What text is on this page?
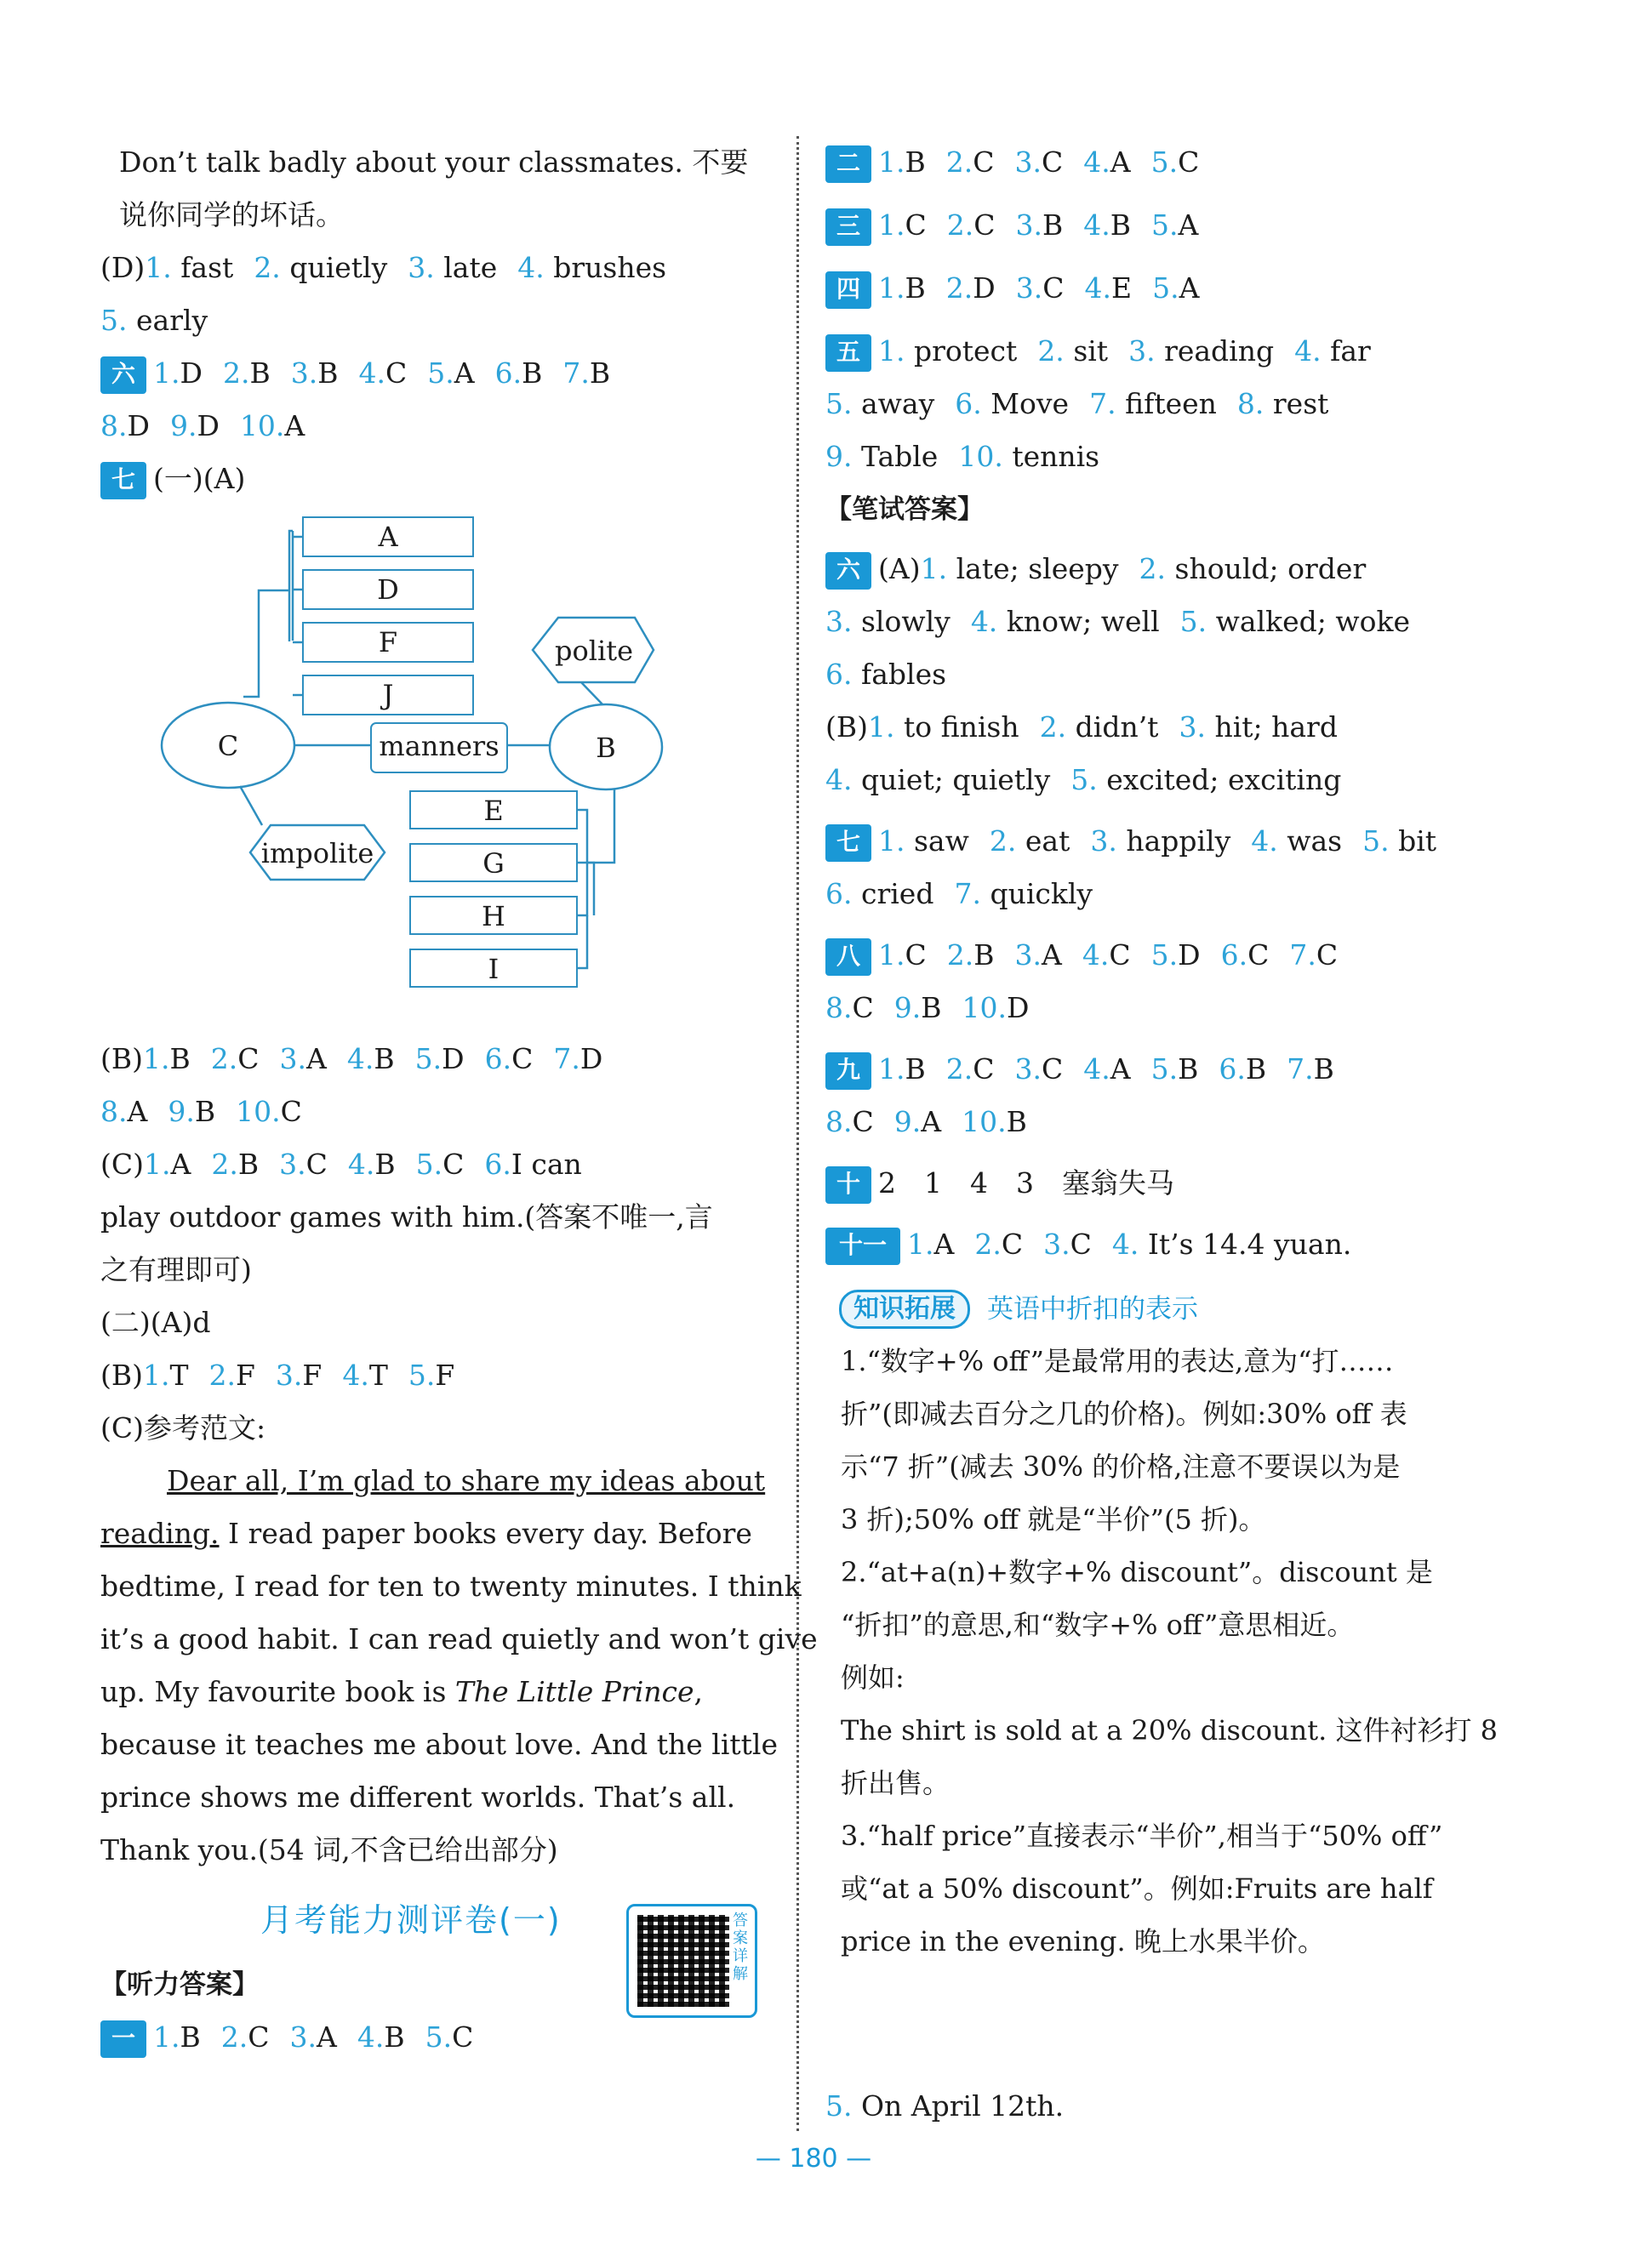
Don’t talk badly about your classmates. 不要
说你同学的坏话。
(D)1. fast 2. quietly 3. late 4. brushes
5. early
六 1.D 2.B 3.B 4.C 5.A 6.B 7.B
8.D 9.D 10.A
七 (一)(A)
A
D
F
J
C	manners	B
polite
impolite
E
G
H
I
(B)1.B 2.C 3.A 4.B 5.D 6.C 7.D
8.A 9.B 10.C
(C)1.A 2.B 3.C 4.B 5.C 6.I can
play outdoor games with him.(答案不唯一,言
之有理即可)
(二)(A)d
(B)1.T 2.F 3.F 4.T 5.F
(C)参考范文:
Dear all, I’m glad to share my ideas about
reading. I read paper books every day. Before
bedtime, I read for ten to twenty minutes. I think
it’s a good habit. I can read quietly and won’t give
up. My favourite book is The Little Prince,
because it teaches me about love. And the little
prince shows me different worlds. That’s all.
Thank you.(54 词,不含已给出部分)
月考能力测评卷(一)
【听力答案】
一 1.B 2.C 3.A 4.B 5.C
答案详解
二 1.B 2.C 3.C 4.A 5.C
三 1.C 2.C 3.B 4.B 5.A
四 1.B 2.D 3.C 4.E 5.A
五 1. protect 2. sit 3. reading 4. far
5. away 6. Move 7. fifteen 8. rest
9. Table 10. tennis
【笔试答案】
六 (A)1. late; sleepy 2. should; order
3. slowly 4. know; well 5. walked; woke
6. fables
(B)1. to finish 2. didn’t 3. hit; hard
4. quiet; quietly 5. excited; exciting
七 1. saw 2. eat 3. happily 4. was 5. bit
6. cried 7. quickly
八 1.C 2.B 3.A 4.C 5.D 6.C 7.C
8.C 9.B 10.D
九 1.B 2.C 3.C 4.A 5.B 6.B 7.B
8.C 9.A 10.B
十 2　1　4　3　塞翁失马
十一 1.A 2.C 3.C 4. It’s 14.4 yuan.
知识拓展 英语中折扣的表示
1.“数字+% off”是最常用的表达,意为“打……
折”(即减去百分之几的价格)。例如:30% off 表
示“7 折”(减去 30% 的价格,注意不要误以为是
3 折);50% off 就是“半价”(5 折)。
2.“at+a(n)+数字+% discount”。discount 是
“折扣”的意思,和“数字+% off”意思相近。
例如:
The shirt is sold at a 20% discount. 这件衬衫打 8
折出售。
3.“half price”直接表示“半价”,相当于“50% off”
或“at a 50% discount”。例如:Fruits are half
price in the evening. 晚上水果半价。
5. On April 12th.
— 180 —
